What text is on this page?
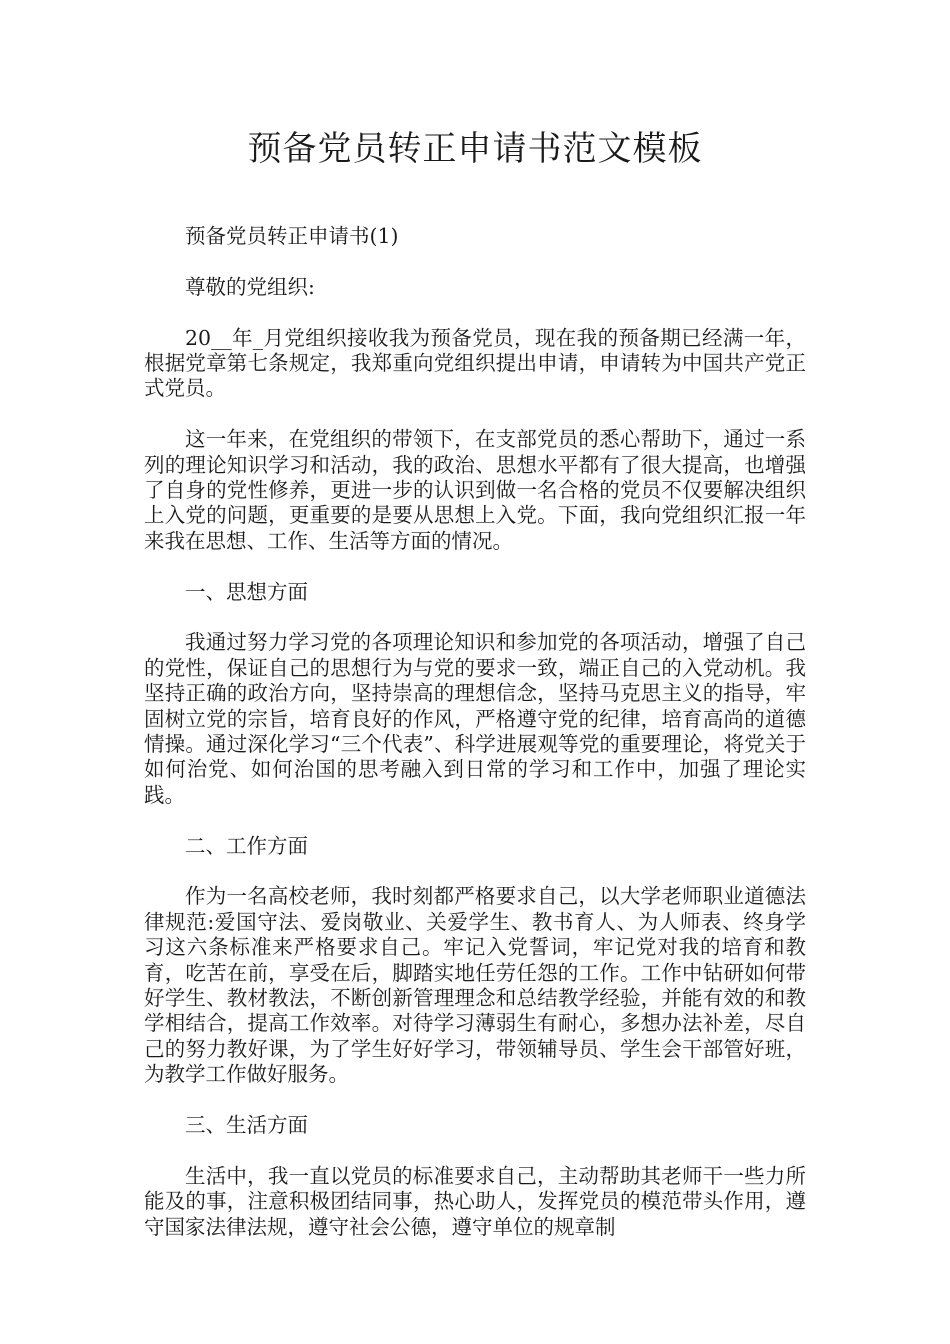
预备党员转正申请书范文模板

预备党员转正申请书(1)

尊敬的党组织:

20__年_月党组织接收我为预备党员，现在我的预备期已经满一年，根据党章第七条规定，我郑重向党组织提出申请，申请转为中国共产党正式党员。

这一年来，在党组织的带领下，在支部党员的悉心帮助下，通过一系列的理论知识学习和活动，我的政治、思想水平都有了很大提高，也增强了自身的党性修养，更进一步的认识到做一名合格的党员不仅要解决组织上入党的问题，更重要的是要从思想上入党。下面，我向党组织汇报一年来我在思想、工作、生活等方面的情况。

一、思想方面

我通过努力学习党的各项理论知识和参加党的各项活动，增强了自己的党性，保证自己的思想行为与党的要求一致，端正自己的入党动机。我坚持正确的政治方向，坚持崇高的理想信念，坚持马克思主义的指导，牢固树立党的宗旨，培育良好的作风，严格遵守党的纪律，培育高尚的道德情操。通过深化学习“三个代表”、科学进展观等党的重要理论，将党关于如何治党、如何治国的思考融入到日常的学习和工作中，加强了理论实践。

二、工作方面

作为一名高校老师，我时刻都严格要求自己，以大学老师职业道德法律规范:爱国守法、爱岗敬业、关爱学生、教书育人、为人师表、终身学习这六条标准来严格要求自己。牢记入党誓词，牢记党对我的培育和教育，吃苦在前，享受在后，脚踏实地任劳任怨的工作。工作中钻研如何带好学生、教材教法，不断创新管理理念和总结教学经验，并能有效的和教学相结合，提高工作效率。对待学习薄弱生有耐心，多想办法补差，尽自己的努力教好课，为了学生好好学习，带领辅导员、学生会干部管好班，为教学工作做好服务。

三、生活方面

生活中，我一直以党员的标准要求自己，主动帮助其老师干一些力所能及的事，注意积极团结同事，热心助人，发挥党员的模范带头作用，遵守国家法律法规，遵守社会公德，遵守单位的规章制
